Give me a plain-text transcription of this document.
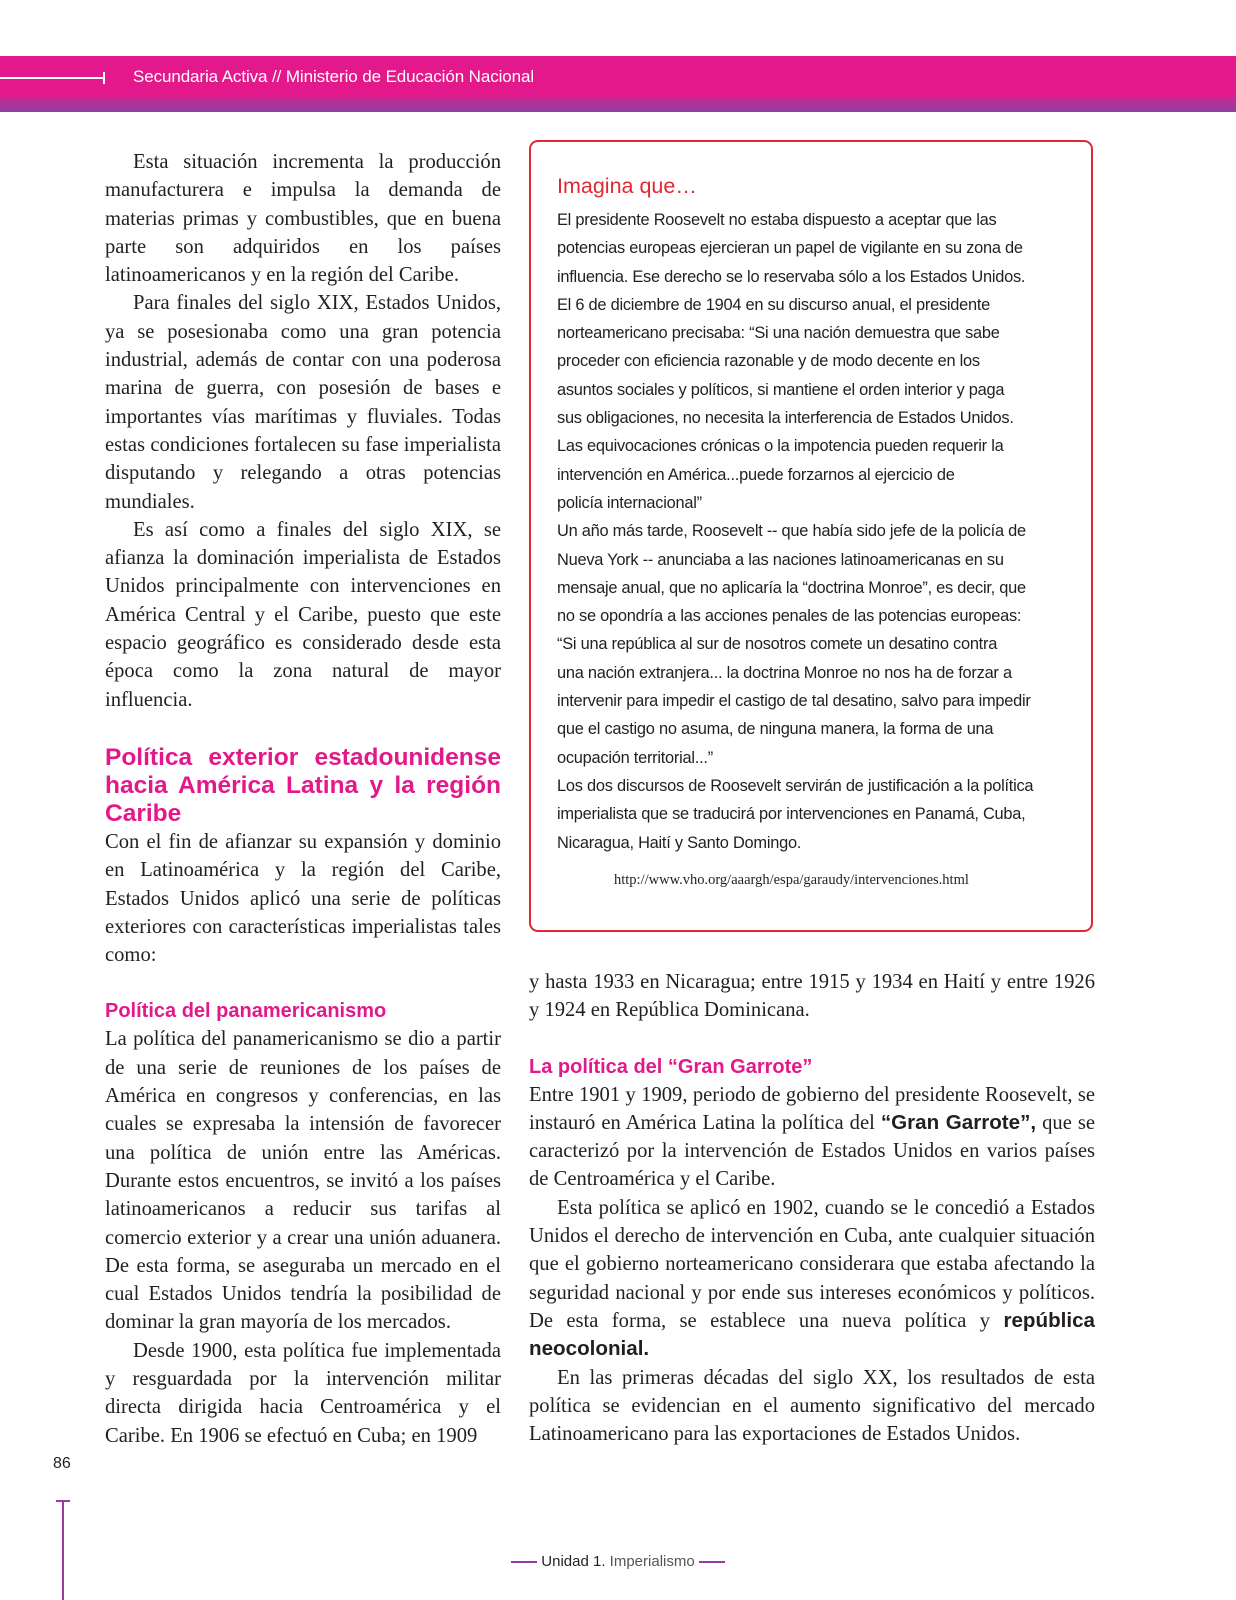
Secundaria Activa // Ministerio de Educación Nacional

Esta situación incrementa la producción manufacturera e impulsa la demanda de materias primas y combustibles, que en buena parte son adquiridos en los países latinoamericanos y en la región del Caribe.

Para finales del siglo XIX, Estados Unidos, ya se posesionaba como una gran potencia industrial, además de contar con una poderosa marina de guerra, con posesión de bases e importantes vías marítimas y fluviales. Todas estas condiciones fortalecen su fase imperialista disputando y relegando a otras potencias mundiales.

Es así como a finales del siglo XIX, se afianza la dominación imperialista de Estados Unidos principalmente con intervenciones en América Central y el Caribe, puesto que este espacio geográfico es considerado desde esta época como la zona natural de mayor influencia.

Política exterior estadounidense hacia América Latina y la región Caribe

Con el fin de afianzar su expansión y dominio en Latinoamérica y la región del Caribe, Estados Unidos aplicó una serie de políticas exteriores con características imperialistas tales como:

Política del panamericanismo

La política del panamericanismo se dio a partir de una serie de reuniones de los países de América en congresos y conferencias, en las cuales se expresaba la intensión de favorecer una política de unión entre las Américas. Durante estos encuentros, se invitó a los países latinoamericanos a reducir sus tarifas al comercio exterior y a crear una unión aduanera. De esta forma, se aseguraba un mercado en el cual Estados Unidos tendría la posibilidad de dominar la gran mayoría de los mercados.

Desde 1900, esta política fue implementada y resguardada por la intervención militar directa dirigida hacia Centroamérica y el Caribe. En 1906 se efectuó en Cuba; en 1909

Imagina que…

El presidente Roosevelt no estaba dispuesto a aceptar que las

potencias europeas ejercieran un papel de vigilante en su zona de

influencia. Ese derecho se lo reservaba sólo a los Estados Unidos.

El 6 de diciembre de 1904 en su discurso anual, el presidente

norteamericano precisaba: “Si una nación demuestra que sabe

proceder con eficiencia razonable y de modo decente en los

asuntos sociales y políticos, si mantiene el orden interior y paga

sus obligaciones, no necesita la interferencia de Estados Unidos.

Las equivocaciones crónicas o la impotencia pueden requerir la

intervención en América...puede forzarnos al ejercicio de

policía internacional”

Un año más tarde, Roosevelt -- que había sido jefe de la policía de

Nueva York -- anunciaba a las naciones latinoamericanas en su

mensaje anual, que no aplicaría la “doctrina Monroe”, es decir, que

no se opondría a las acciones penales de las potencias europeas:

“Si una república al sur de nosotros comete un desatino contra

una nación extranjera... la doctrina Monroe no nos ha de forzar a

intervenir para impedir el castigo de tal desatino, salvo para impedir

que el castigo no asuma, de ninguna manera, la forma de una

ocupación territorial...”

Los dos discursos de Roosevelt servirán de justificación a la política

imperialista que se traducirá por intervenciones en Panamá, Cuba,

Nicaragua, Haití y Santo Domingo.

http://www.vho.org/aaargh/espa/garaudy/intervenciones.html

y hasta 1933 en Nicaragua; entre 1915 y 1934 en Haití y entre 1926 y 1924 en República Dominicana.

La política del “Gran Garrote”

Entre 1901 y 1909, periodo de gobierno del presidente Roosevelt, se instauró en América Latina la política del “Gran Garrote”, que se caracterizó por la intervención de Estados Unidos en varios países de Centroamérica y el Caribe.

Esta política se aplicó en 1902, cuando se le concedió a Estados Unidos el derecho de intervención en Cuba, ante cualquier situación que el gobierno norteamericano considerara que estaba afectando la seguridad nacional y por ende sus intereses económicos y políticos. De esta forma, se establece una nueva política y república neocolonial.

En las primeras décadas del siglo XX, los resultados de esta política se evidencian en el aumento significativo del mercado Latinoamericano para las exportaciones de Estados Unidos.

86
Unidad 1. Imperialismo
